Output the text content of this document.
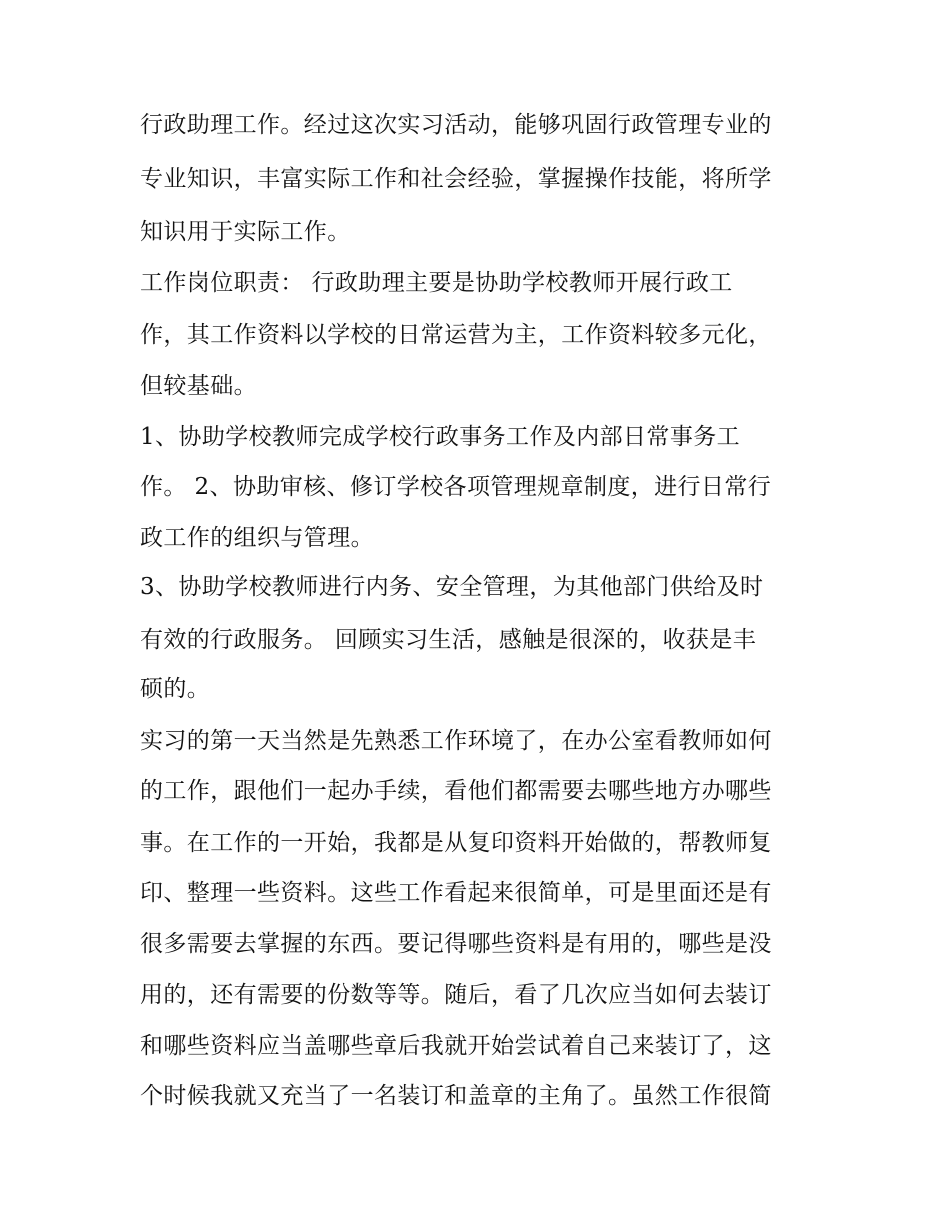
行政助理工作。经过这次实习活动，能够巩固行政管理专业的
专业知识，丰富实际工作和社会经验，掌握操作技能，将所学
知识用于实际工作。
工作岗位职责： 行政助理主要是协助学校教师开展行政工
作，其工作资料以学校的日常运营为主，工作资料较多元化，
但较基础。
1、协助学校教师完成学校行政事务工作及内部日常事务工
作。 2、协助审核、修订学校各项管理规章制度，进行日常行
政工作的组织与管理。
3、协助学校教师进行内务、安全管理，为其他部门供给及时
有效的行政服务。 回顾实习生活，感触是很深的，收获是丰
硕的。
实习的第一天当然是先熟悉工作环境了，在办公室看教师如何
的工作，跟他们一起办手续，看他们都需要去哪些地方办哪些
事。在工作的一开始，我都是从复印资料开始做的，帮教师复
印、整理一些资料。这些工作看起来很简单，可是里面还是有
很多需要去掌握的东西。要记得哪些资料是有用的，哪些是没
用的，还有需要的份数等等。随后，看了几次应当如何去装订
和哪些资料应当盖哪些章后我就开始尝试着自己来装订了，这
个时候我就又充当了一名装订和盖章的主角了。虽然工作很简
